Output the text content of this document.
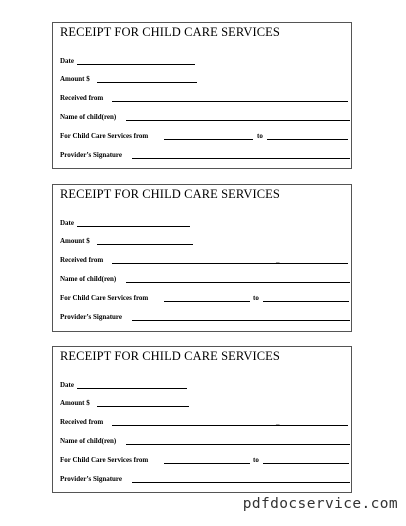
RECEIPT FOR CHILD CARE SERVICES
Date
Amount $
Received from
Name of child(ren)
For Child Care Services from	to
Provider’s Signature
RECEIPT FOR CHILD CARE SERVICES
Date
Amount $
Received from	_
Name of child(ren)
For Child Care Services from	to
Provider’s Signature
RECEIPT FOR CHILD CARE SERVICES
Date
Amount $
Received from	_
Name of child(ren)
For Child Care Services from	to
Provider’s Signature
pdfdocservice.com
